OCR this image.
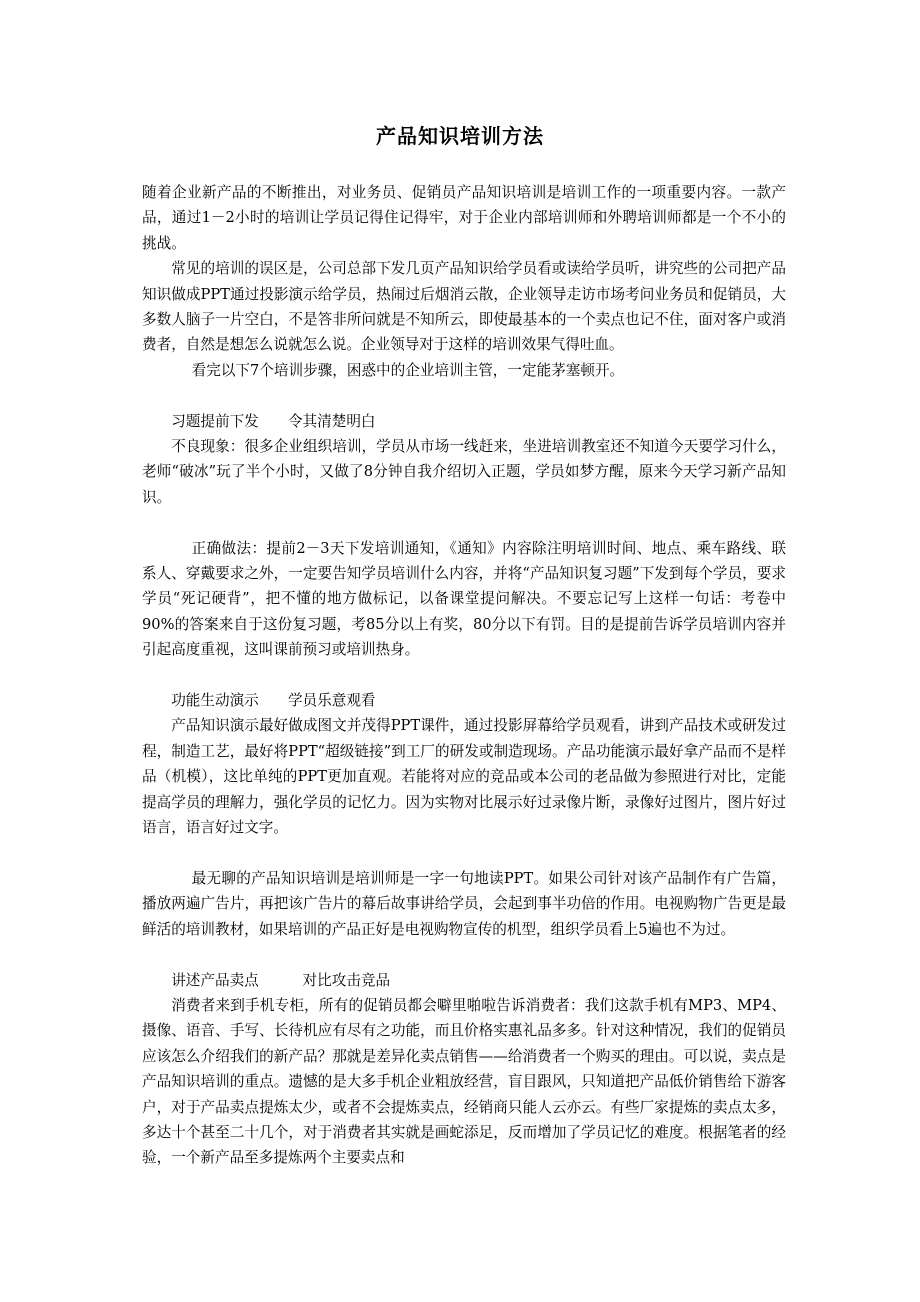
产品知识培训方法

随着企业新产品的不断推出，对业务员、促销员产品知识培训是培训工作的一项重要内容。一款产品，通过1－2小时的培训让学员记得住记得牢，对于企业内部培训师和外聘培训师都是一个不小的挑战。

常见的培训的误区是，公司总部下发几页产品知识给学员看或读给学员听，讲究些的公司把产品知识做成PPT通过投影演示给学员，热闹过后烟消云散，企业领导走访市场考问业务员和促销员，大多数人脑子一片空白，不是答非所问就是不知所云，即使最基本的一个卖点也记不住，面对客户或消费者，自然是想怎么说就怎么说。企业领导对于这样的培训效果气得吐血。

看完以下7个培训步骤，困惑中的企业培训主管，一定能茅塞顿开。

习题提前下发　　令其清楚明白

不良现象：很多企业组织培训，学员从市场一线赶来，坐进培训教室还不知道今天要学习什么，老师“破冰”玩了半个小时，又做了8分钟自我介绍切入正题，学员如梦方醒，原来今天学习新产品知识。

正确做法：提前2－3天下发培训通知，《通知》内容除注明培训时间、地点、乘车路线、联系人、穿戴要求之外，一定要告知学员培训什么内容，并将“产品知识复习题”下发到每个学员，要求学员“死记硬背”，把不懂的地方做标记，以备课堂提问解决。不要忘记写上这样一句话：考卷中90%的答案来自于这份复习题，考85分以上有奖，80分以下有罚。目的是提前告诉学员培训内容并引起高度重视，这叫课前预习或培训热身。

功能生动演示　　学员乐意观看

产品知识演示最好做成图文并茂得PPT课件，通过投影屏幕给学员观看，讲到产品技术或研发过程，制造工艺，最好将PPT“超级链接”到工厂的研发或制造现场。产品功能演示最好拿产品而不是样品（机模），这比单纯的PPT更加直观。若能将对应的竞品或本公司的老品做为参照进行对比，定能提高学员的理解力，强化学员的记忆力。因为实物对比展示好过录像片断，录像好过图片，图片好过语言，语言好过文字。

最无聊的产品知识培训是培训师是一字一句地读PPT。如果公司针对该产品制作有广告篇，播放两遍广告片，再把该广告片的幕后故事讲给学员，会起到事半功倍的作用。电视购物广告更是最鲜活的培训教材，如果培训的产品正好是电视购物宣传的机型，组织学员看上5遍也不为过。

讲述产品卖点　　　对比攻击竞品

消费者来到手机专柜，所有的促销员都会噼里啪啦告诉消费者：我们这款手机有MP3、MP4、摄像、语音、手写、长待机应有尽有之功能，而且价格实惠礼品多多。针对这种情况，我们的促销员应该怎么介绍我们的新产品？那就是差异化卖点销售——给消费者一个购买的理由。可以说，卖点是产品知识培训的重点。遗憾的是大多手机企业粗放经营，盲目跟风，只知道把产品低价销售给下游客户，对于产品卖点提炼太少，或者不会提炼卖点，经销商只能人云亦云。有些厂家提炼的卖点太多，多达十个甚至二十几个，对于消费者其实就是画蛇添足，反而增加了学员记忆的难度。根据笔者的经验，一个新产品至多提炼两个主要卖点和
